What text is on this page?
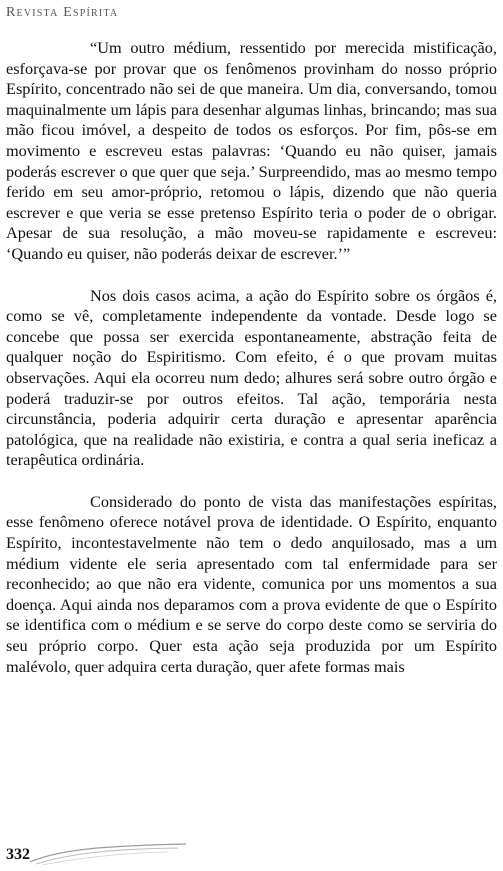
Revista Espírita

“Um outro médium, ressentido por merecida mistificação, esforçava-se por provar que os fenômenos provinham do nosso próprio Espírito, concentrado não sei de que maneira. Um dia, conversando, tomou maquinalmente um lápis para desenhar algumas linhas, brincando; mas sua mão ficou imóvel, a despeito de todos os esforços. Por fim, pôs-se em movimento e escreveu estas palavras: ‘Quando eu não quiser, jamais poderás escrever o que quer que seja.’ Surpreendido, mas ao mesmo tempo ferido em seu amor-próprio, retomou o lápis, dizendo que não queria escrever e que veria se esse pretenso Espírito teria o poder de o obrigar. Apesar de sua resolução, a mão moveu-se rapidamente e escreveu: ‘Quando eu quiser, não poderás deixar de escrever.’”

Nos dois casos acima, a ação do Espírito sobre os órgãos é, como se vê, completamente independente da vontade. Desde logo se concebe que possa ser exercida espontaneamente, abstração feita de qualquer noção do Espiritismo. Com efeito, é o que provam muitas observações. Aqui ela ocorreu num dedo; alhures será sobre outro órgão e poderá traduzir-se por outros efeitos. Tal ação, temporária nesta circunstância, poderia adquirir certa duração e apresentar aparência patológica, que na realidade não existiria, e contra a qual seria ineficaz a terapêutica ordinária.

Considerado do ponto de vista das manifestações espíritas, esse fenômeno oferece notável prova de identidade. O Espírito, enquanto Espírito, incontestavelmente não tem o dedo anquilosado, mas a um médium vidente ele seria apresentado com tal enfermidade para ser reconhecido; ao que não era vidente, comunica por uns momentos a sua doença. Aqui ainda nos deparamos com a prova evidente de que o Espírito se identifica com o médium e se serve do corpo deste como se serviria do seu próprio corpo. Quer esta ação seja produzida por um Espírito malévolo, quer adquira certa duração, quer afete formas mais

332
